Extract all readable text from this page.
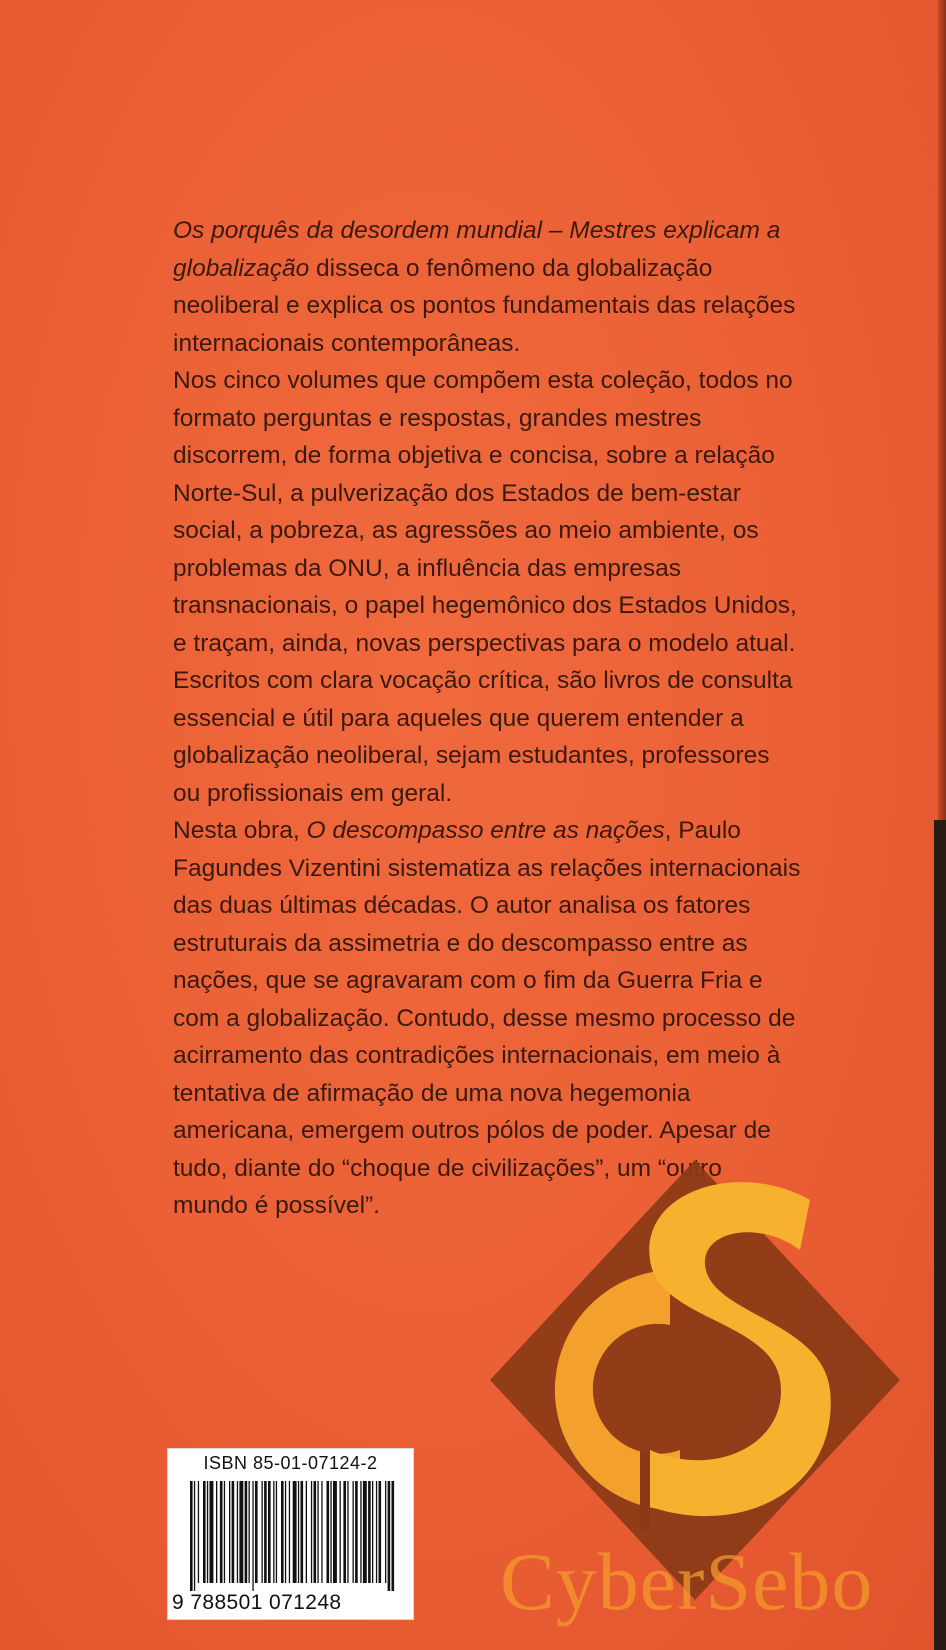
Os porquês da desordem mundial – Mestres explicam a globalização disseca o fenômeno da globalização neoliberal e explica os pontos fundamentais das relações internacionais contemporâneas.

Nos cinco volumes que compõem esta coleção, todos no formato perguntas e respostas, grandes mestres discorrem, de forma objetiva e concisa, sobre a relação Norte-Sul, a pulverização dos Estados de bem-estar social, a pobreza, as agressões ao meio ambiente, os problemas da ONU, a influência das empresas transnacionais, o papel hegemônico dos Estados Unidos, e traçam, ainda, novas perspectivas para o modelo atual.

Escritos com clara vocação crítica, são livros de consulta essencial e útil para aqueles que querem entender a globalização neoliberal, sejam estudantes, professores ou profissionais em geral.

Nesta obra, O descompasso entre as nações, Paulo Fagundes Vizentini sistematiza as relações internacionais das duas últimas décadas. O autor analisa os fatores estruturais da assimetria e do descompasso entre as nações, que se agravaram com o fim da Guerra Fria e com a globalização. Contudo, desse mesmo processo de acirramento das contradições internacionais, em meio à tentativa de afirmação de uma nova hegemonia americana, emergem outros pólos de poder. Apesar de tudo, diante do “choque de civilizações”, um “outro mundo é possível”.

CyberSebo
ISBN 85-01-07124-2
9 788501 071248
